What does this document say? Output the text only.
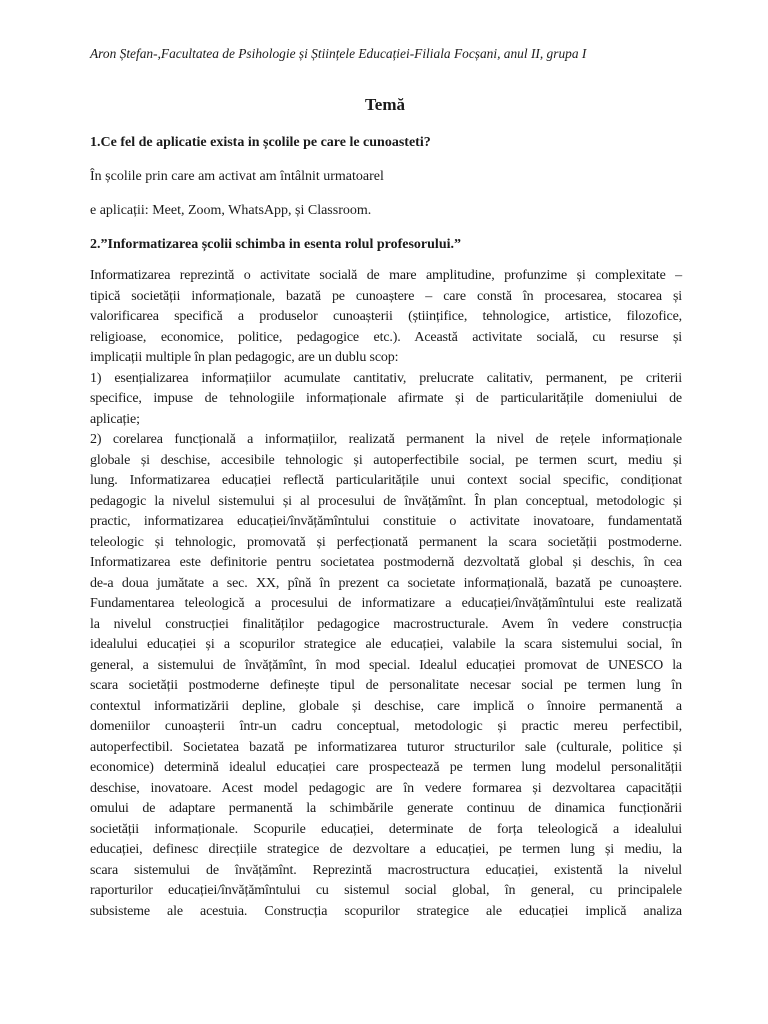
Aron Ștefan-,Facultatea de Psihologie și Științele Educației-Filiala Focșani, anul II, grupa I
Temă
1.Ce fel de aplicatie exista in școlile pe care le cunoasteti?
În școlile prin care am activat am întâlnit urmatoarel
e aplicații: Meet, Zoom, WhatsApp, și Classroom.
2.”Informatizarea școlii schimba in esenta rolul profesorului.”
Informatizarea reprezintă o activitate socială de mare amplitudine, profunzime și complexitate –
tipică societății informaționale, bazată pe cunoaștere – care constă în procesarea, stocarea și
valorificarea specifică a produselor cunoașterii (științifice, tehnologice, artistice, filozofice,
religioase, economice, politice, pedagogice etc.). Această activitate socială, cu resurse și
implicații multiple în plan pedagogic, are un dublu scop:
1) esențializarea informațiilor acumulate cantitativ, prelucrate calitativ, permanent, pe criterii
specifice, impuse de tehnologiile informaționale afirmate și de particularitățile domeniului de
aplicație;
2) corelarea funcțională a informațiilor, realizată permanent la nivel de rețele informaționale
globale și deschise, accesibile tehnologic și autoperfectibile social, pe termen scurt, mediu și
lung. Informatizarea educației reflectă particularitățile unui context social specific, condiționat
pedagogic la nivelul sistemului și al procesului de învățămînt. În plan conceptual, metodologic și
practic, informatizarea educației/învățămîntului constituie o activitate inovatoare, fundamentată
teleologic și tehnologic, promovată și perfecționată permanent la scara societății postmoderne.
Informatizarea este definitorie pentru societatea postmodernă dezvoltată global și deschis, în cea
de-a doua jumătate a sec. XX, pînă în prezent ca societate informațională, bazată pe cunoaștere.
Fundamentarea teleologică a procesului de informatizare a educației/învățămîntului este realizată
la nivelul construcției finalităților pedagogice macrostructurale. Avem în vedere construcția
idealului educației și a scopurilor strategice ale educației, valabile la scara sistemului social, în
general, a sistemului de învățămînt, în mod special. Idealul educației promovat de UNESCO la
scara societății postmoderne definește tipul de personalitate necesar social pe termen lung în
contextul informatizării depline, globale și deschise, care implică o înnoire permanentă a
domeniilor cunoașterii într-un cadru conceptual, metodologic și practic mereu perfectibil,
autoperfectibil. Societatea bazată pe informatizarea tuturor structurilor sale (culturale, politice și
economice) determină idealul educației care prospectează pe termen lung modelul personalității
deschise, inovatoare. Acest model pedagogic are în vedere formarea și dezvoltarea capacității
omului de adaptare permanentă la schimbările generate continuu de dinamica funcționării
societății informaționale. Scopurile educației, determinate de forța teleologică a idealului
educației, definesc direcțiile strategice de dezvoltare a educației, pe termen lung și mediu, la
scara sistemului de învățămînt. Reprezintă macrostructura educației, existentă la nivelul
raporturilor educației/învățămîntului cu sistemul social global, în general, cu principalele
subsisteme ale acestuia. Construcția scopurilor strategice ale educației implică analiza
